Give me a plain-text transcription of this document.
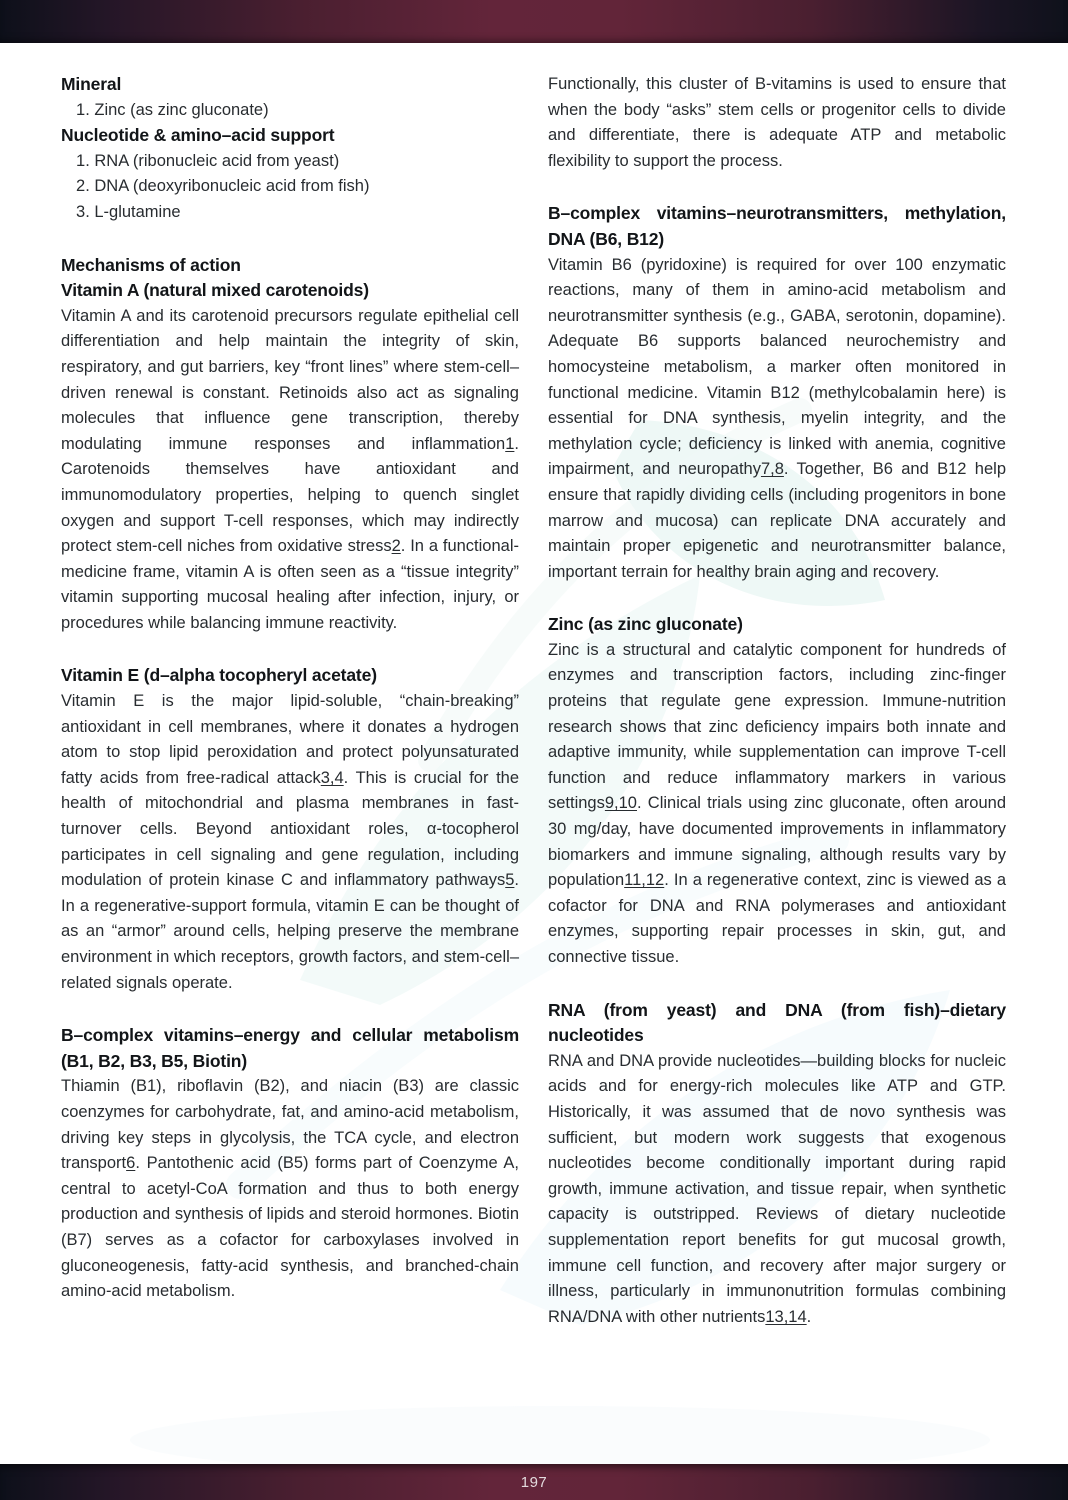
Mineral
Zinc (as zinc gluconate)
Nucleotide & amino–acid support
RNA (ribonucleic acid from yeast)
DNA (deoxyribonucleic acid from fish)
L-glutamine
Mechanisms of action
Vitamin A (natural mixed carotenoids)

Vitamin A and its carotenoid precursors regulate epithelial cell differentiation and help maintain the integrity of skin, respiratory, and gut barriers, key “front lines” where stem-cell–driven renewal is constant. Retinoids also act as signaling molecules that influence gene transcription, thereby modulating immune responses and inflammation1. Carotenoids themselves have antioxidant and immunomodulatory properties, helping to quench singlet oxygen and support T-cell responses, which may indirectly protect stem-cell niches from oxidative stress2. In a functional-medicine frame, vitamin A is often seen as a “tissue integrity” vitamin supporting mucosal healing after infection, injury, or procedures while balancing immune reactivity.

Vitamin E (d–alpha tocopheryl acetate)

Vitamin E is the major lipid-soluble, “chain-breaking” antioxidant in cell membranes, where it donates a hydrogen atom to stop lipid peroxidation and protect polyunsaturated fatty acids from free-radical attack3,4. This is crucial for the health of mitochondrial and plasma membranes in fast-turnover cells. Beyond antioxidant roles, α-tocopherol participates in cell signaling and gene regulation, including modulation of protein kinase C and inflammatory pathways5. In a regenerative-support formula, vitamin E can be thought of as an “armor” around cells, helping preserve the membrane environment in which receptors, growth factors, and stem-cell–related signals operate.

B–complex vitamins–energy and cellular metabolism (B1, B2, B3, B5, Biotin)

Thiamin (B1), riboflavin (B2), and niacin (B3) are classic coenzymes for carbohydrate, fat, and amino-acid metabolism, driving key steps in glycolysis, the TCA cycle, and electron transport6. Pantothenic acid (B5) forms part of Coenzyme A, central to acetyl-CoA formation and thus to both energy production and synthesis of lipids and steroid hormones. Biotin (B7) serves as a cofactor for carboxylases involved in gluconeogenesis, fatty-acid synthesis, and branched-chain amino-acid metabolism.

Functionally, this cluster of B-vitamins is used to ensure that when the body “asks” stem cells or progenitor cells to divide and differentiate, there is adequate ATP and metabolic flexibility to support the process.

B–complex vitamins–neurotransmitters, methylation, DNA (B6, B12)

Vitamin B6 (pyridoxine) is required for over 100 enzymatic reactions, many of them in amino-acid metabolism and neurotransmitter synthesis (e.g., GABA, serotonin, dopamine). Adequate B6 supports balanced neurochemistry and homocysteine metabolism, a marker often monitored in functional medicine. Vitamin B12 (methylcobalamin here) is essential for DNA synthesis, myelin integrity, and the methylation cycle; deficiency is linked with anemia, cognitive impairment, and neuropathy7,8. Together, B6 and B12 help ensure that rapidly dividing cells (including progenitors in bone marrow and mucosa) can replicate DNA accurately and maintain proper epigenetic and neurotransmitter balance, important terrain for healthy brain aging and recovery.

Zinc (as zinc gluconate)

Zinc is a structural and catalytic component for hundreds of enzymes and transcription factors, including zinc-finger proteins that regulate gene expression. Immune-nutrition research shows that zinc deficiency impairs both innate and adaptive immunity, while supplementation can improve T-cell function and reduce inflammatory markers in various settings9,10. Clinical trials using zinc gluconate, often around 30 mg/day, have documented improvements in inflammatory biomarkers and immune signaling, although results vary by population11,12. In a regenerative context, zinc is viewed as a cofactor for DNA and RNA polymerases and antioxidant enzymes, supporting repair processes in skin, gut, and connective tissue.

RNA (from yeast) and DNA (from fish)–dietary nucleotides

RNA and DNA provide nucleotides—building blocks for nucleic acids and for energy-rich molecules like ATP and GTP. Historically, it was assumed that de novo synthesis was sufficient, but modern work suggests that exogenous nucleotides become conditionally important during rapid growth, immune activation, and tissue repair, when synthetic capacity is outstripped. Reviews of dietary nucleotide supplementation report benefits for gut mucosal growth, immune cell function, and recovery after major surgery or illness, particularly in immunonutrition formulas combining RNA/DNA with other nutrients13,14.

197
